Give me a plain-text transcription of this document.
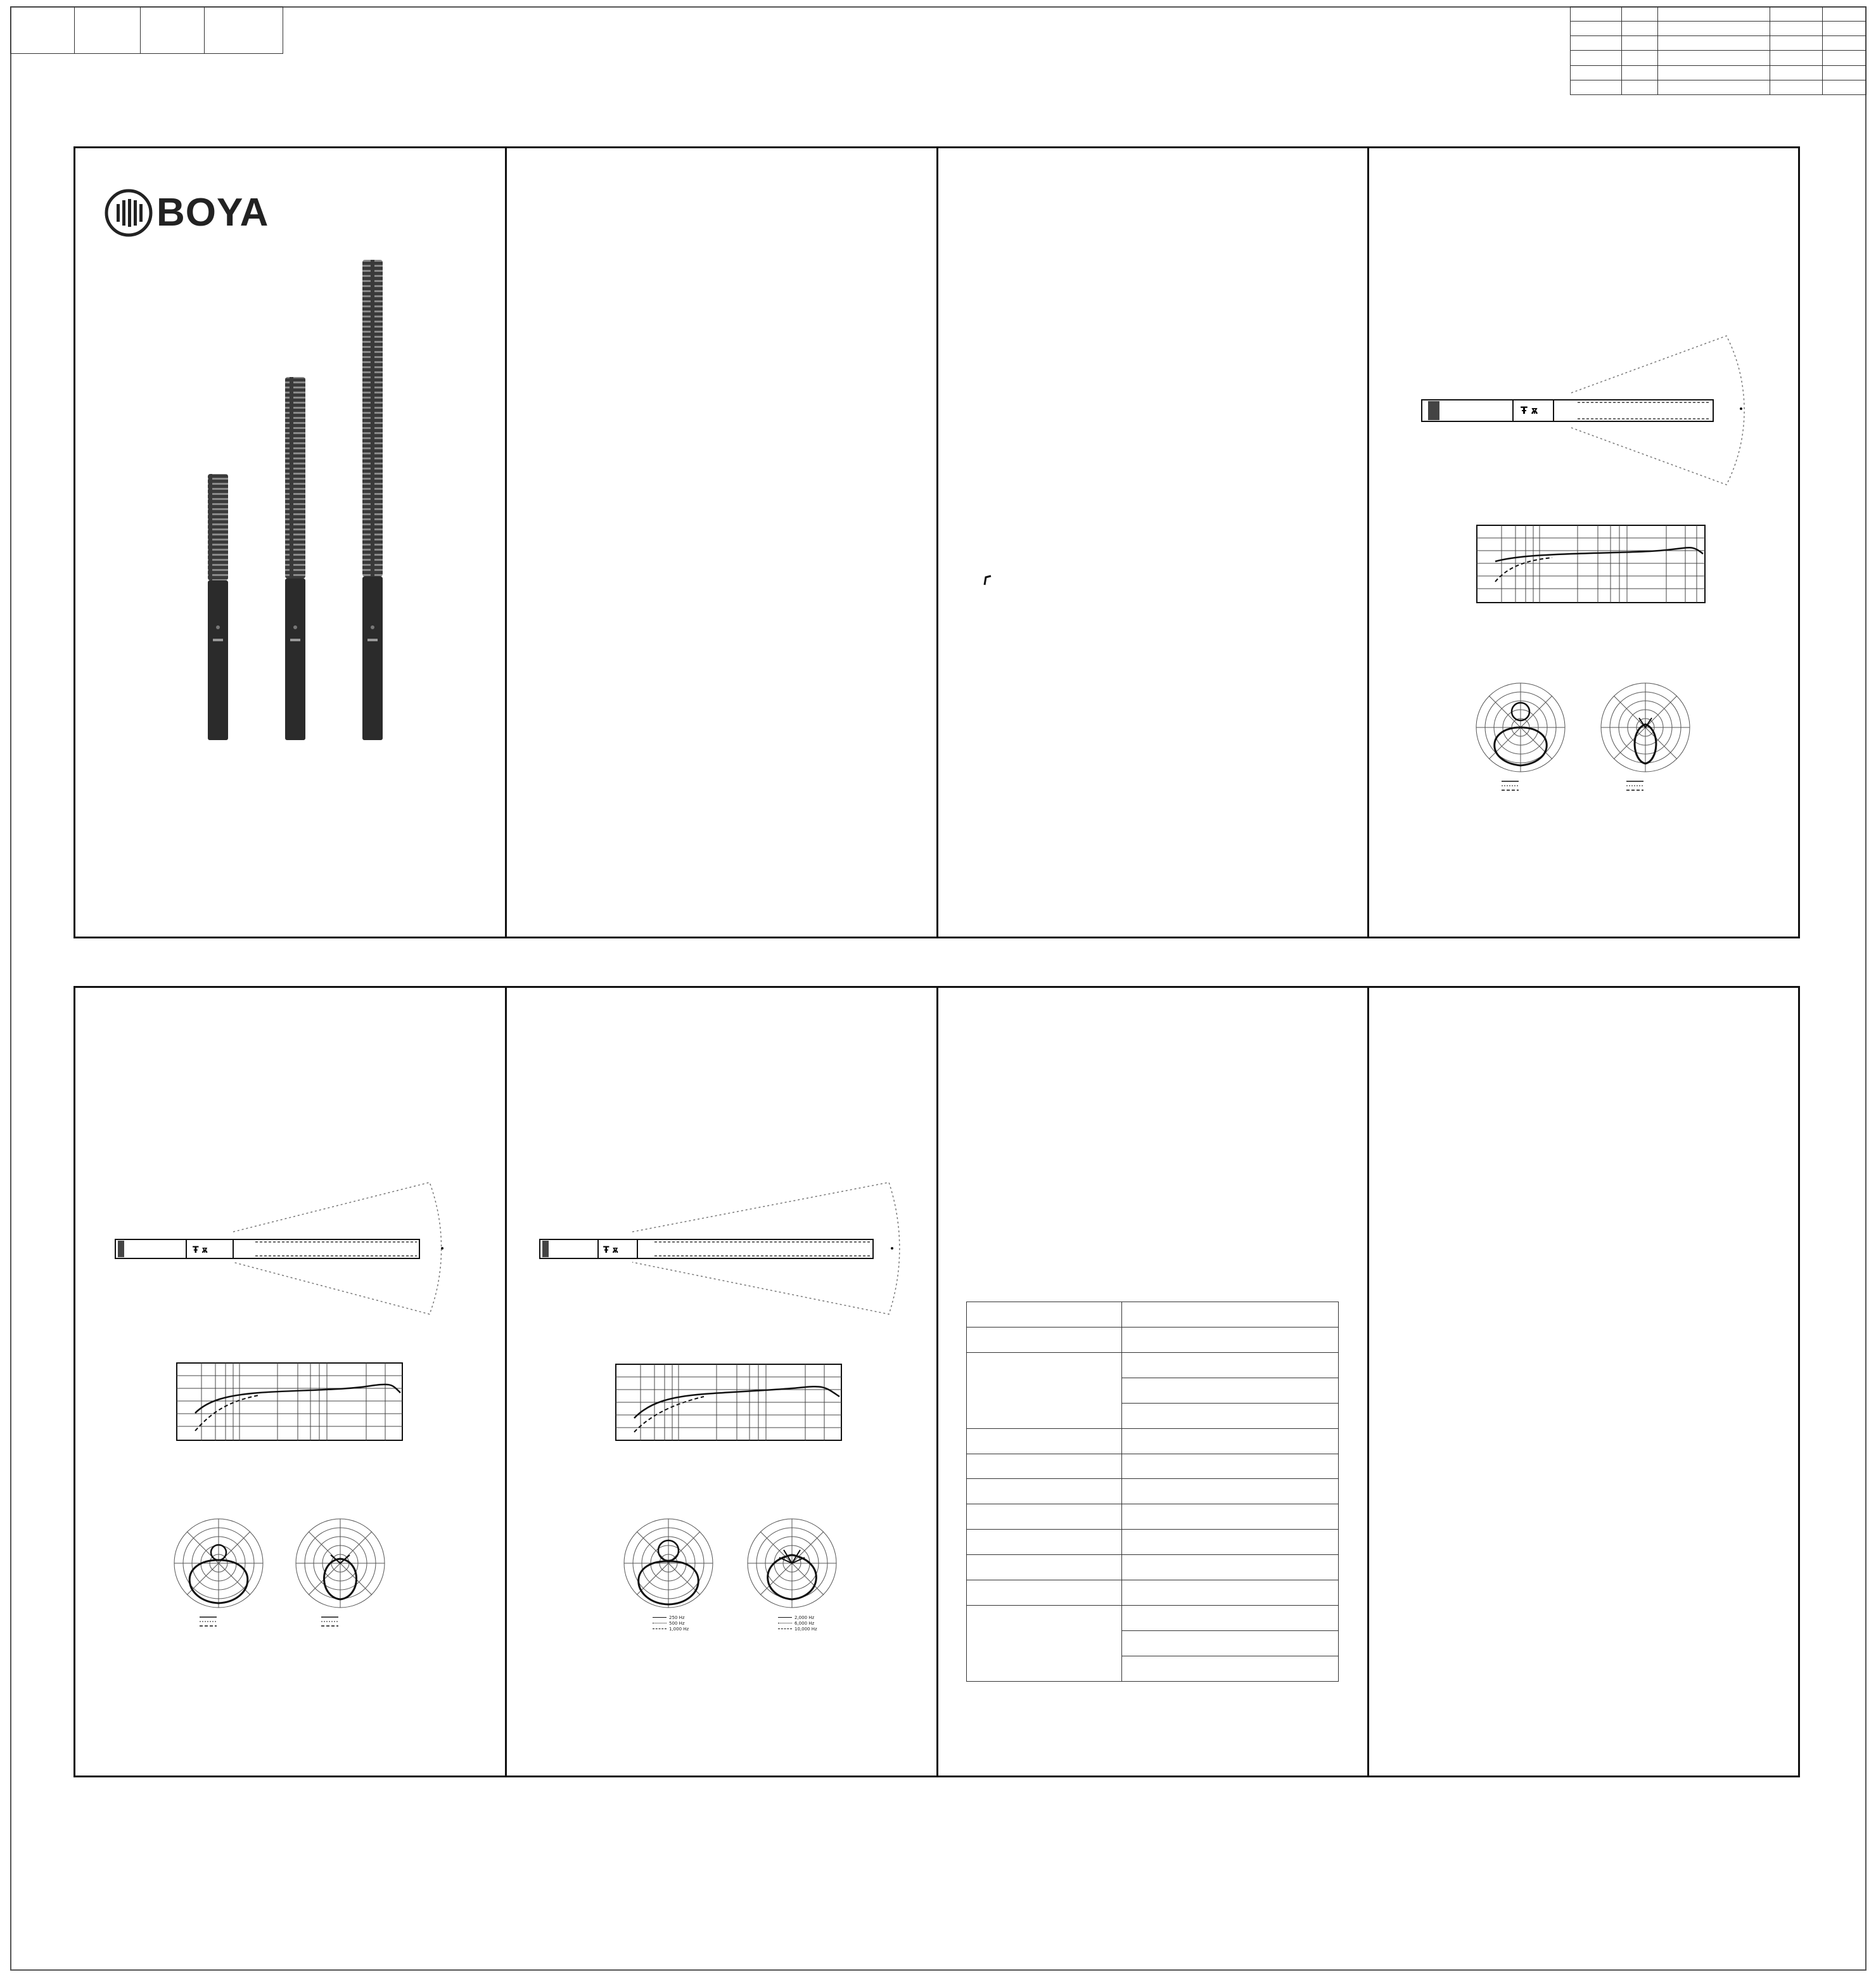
BOYA
Ŧ ѫ
Ŧ ѫ	Ŧ ѫ
250 Hz
500 Hz
1,000 Hz
2,000 Hz
6,000 Hz
10,000 Hz
